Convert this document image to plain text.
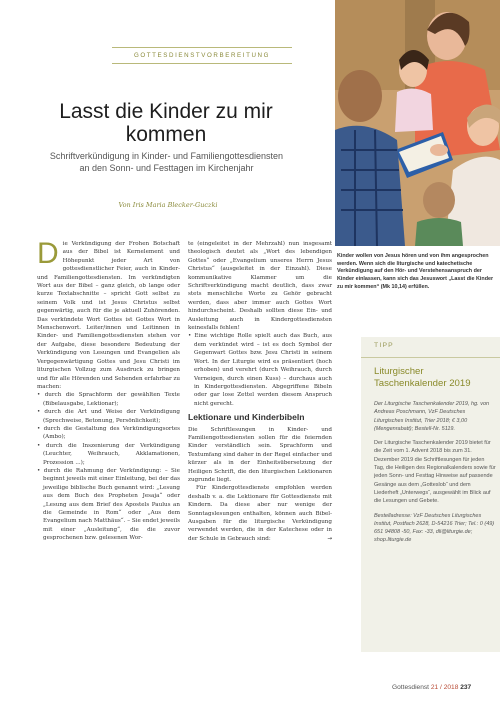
GOTTESDIENSTVORBEREITUNG
Lasst die Kinder zu mir kommen
Schriftverkündigung in Kinder- und Familiengottesdiensten an den Sonn- und Festtagen im Kirchenjahr
Von Iris Maria Blecker-Guczki

Die Verkündigung der Frohen Botschaft aus der Bibel ist Kernelement und Höhepunkt jeder Art von gottesdienstlicher Feier, auch in Kinder- und Familiengottesdiensten. Im verkündigten Wort aus der Bibel – ganz gleich, ob lange oder kurze Textabschnitte – spricht Gott selbst zu seinem Volk und ist Jesus Christus selbst gegenwärtig, auch für die je aktuell Zuhörenden. Das verkündete Wort Gottes ist Gottes Wort in Menschenwort. Leiter/innen und Leitinnen in Kinder- und Familiengottesdiensten stehen vor der Aufgabe, diese besondere Bedeutung der Verkündigung von Lesungen und Evangelien als Vergegenwärtigung Gottes und Jesu Christi im liturgischen Vollzug zum Ausdruck zu bringen und für alle Hörenden und Sehenden erfahrbar zu machen:

• durch die Sprachform der gewählten Texte (Bibelausgabe, Lektionar);

• durch die Art und Weise der Verkündigung (Sprechweise, Betonung, Persönlichkeit);

• durch die Gestaltung des Verkündigungsortes (Ambo);

• durch die Inszenierung der Verkündigung (Leuchter, Weihrauch, Akklamationen, Prozession ...);

• durch die Rahmung der Verkündigung: – Sie beginnt jeweils mit einer Einleitung, bei der das jeweilige biblische Buch genannt wird: „Lesung aus dem Buch des Propheten Jesaja“ oder „Lesung aus dem Brief des Apostels Paulus an die Gemeinde in Rom“ oder „Aus dem Evangelium nach Matthäus“. – Sie endet jeweils mit einer „Ausleitung“, die die zuvor gesprochenen bzw. gelesenen Wor-

te (eingeleitet in der Mehrzahl) nun insgesamt theologisch deutet als „Wort des lebendigen Gottes“ oder „Evangelium unseres Herrn Jesus Christus“ (ausgeleitet in der Einzahl). Diese kommunikative Klammer um die Schriftverkündigung macht deutlich, dass zwar stets menschliche Worte zu Gehör gebracht werden, dass aber immer auch Gottes Wort hindurchscheint. Deshalb sollten diese Ein- und Ausleitung auch in Kindergottesdiensten keinesfalls fehlen!

• Eine wichtige Rolle spielt auch das Buch, aus dem verkündet wird – ist es doch Symbol der Gegenwart Gottes bzw. Jesu Christi in seinem Wort. In der Liturgie wird es präsentiert (hoch erhoben) und verehrt (durch Weihrauch, durch Verneigen, durch einen Kuss) – durchaus auch in Kindergottesdiensten. Abgegriffene Bibeln oder gar lose Zettel werden diesem Anspruch nicht gerecht.

Lektionare und Kinderbibeln

Die Schriftlesungen in Kinder- und Familiengottesdiensten sollen für die feiernden Kinder verständlich sein. Sprachform und Textumfang sind daher in der Regel einfacher und kürzer als in der Einheitsübersetzung der Heiligen Schrift, die den liturgischen Lektionaren zugrunde liegt.

Für Kindergottesdienste empfohlen werden deshalb v. a. die Lektionare für Gottesdienste mit Kindern. Da diese aber nur wenige der Sonntagslesungen enthalten, können auch Bibel-Ausgaben für die liturgische Verkündigung verwendet werden, die in der Katechese oder in der Schule in Gebrauch sind:	→

Kinder wollen von Jesus hören und von ihm angesprochen werden. Wenn sich die liturgische und katechetische Verkündigung auf den Hör- und Verstehensanspruch der Kinder einlassen, kann sich das Jesuswort „Lasst die Kinder zu mir kommen“ (Mk 10,14) erfüllen.
TIPP
Liturgischer Taschenkalender 2019

Der Liturgische Taschenkalender 2019, hg. von Andreas Poschmann, VzF Deutsches Liturgisches Institut, Trier 2018; € 3,00 (Mengenrabatt); Bestell-Nr. 5119.

Der Liturgische Taschenkalender 2019 bietet für die Zeit vom 1. Advent 2018 bis zum 31. Dezember 2019 die Schriftlesungen für jeden Tag, die Heiligen des Regionalkalenders sowie für jeden Sonn- und Festtag Hinweise auf passende Gesänge aus dem „Gotteslob“ und dem Liederheft „Unterwegs“, ausgewählt im Blick auf die Lesungen und Gebete.

Bestelladresse: VzF Deutsches Liturgisches Institut, Postfach 2628, D-54216 Trier; Tel.: 0 (49) 651 94808 -50, Fax: -33, dli@liturgie.de; shop.liturgie.de

Gottesdienst 21 / 2018 237
